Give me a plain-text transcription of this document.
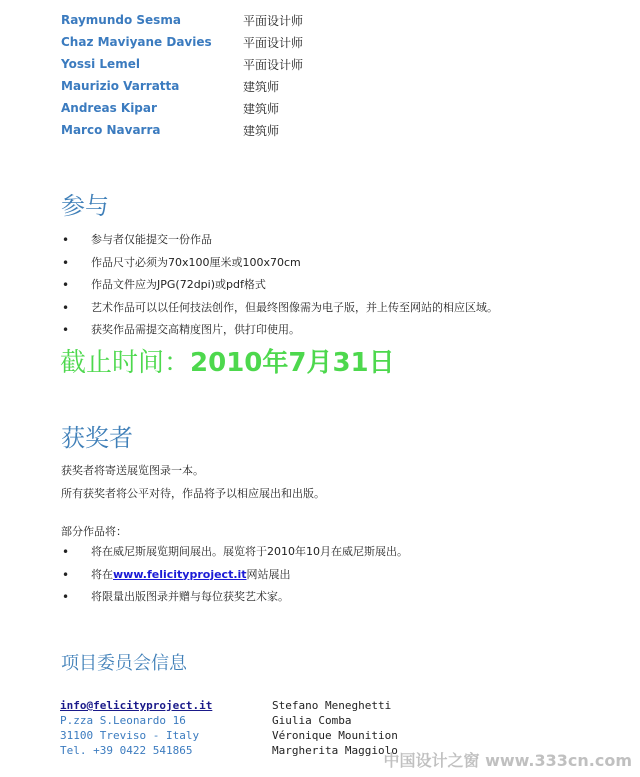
Raymundo Sesma	平面设计师
Chaz Maviyane Davies	平面设计师
Yossi Lemel	平面设计师
Maurizio Varratta	建筑师
Andreas Kipar	建筑师
Marco Navarra	建筑师
参与
• 参与者仅能提交一份作品
• 作品尺寸必须为70x100厘米或100x70cm
• 作品文件应为JPG(72dpi)或pdf格式
• 艺术作品可以以任何技法创作，但最终图像需为电子版，并上传至网站的相应区域。
• 获奖作品需提交高精度图片，供打印使用。
截止时间：2010年7月31日
获奖者
获奖者将寄送展览图录一本。
所有获奖者将公平对待，作品将予以相应展出和出版。
部分作品将：
• 将在威尼斯展览期间展出。展览将于2010年10月在威尼斯展出。
• 将在www.felicityproject.it网站展出
• 将限量出版图录并赠与每位获奖艺术家。
项目委员会信息
info@felicityproject.it
P.zza S.Leonardo 16
31100 Treviso - Italy
Tel. +39 0422 541865
Stefano Meneghetti
Giulia Comba
Véronique Mounition
Margherita Maggiolo
中国设计之窗 www.333cn.com
